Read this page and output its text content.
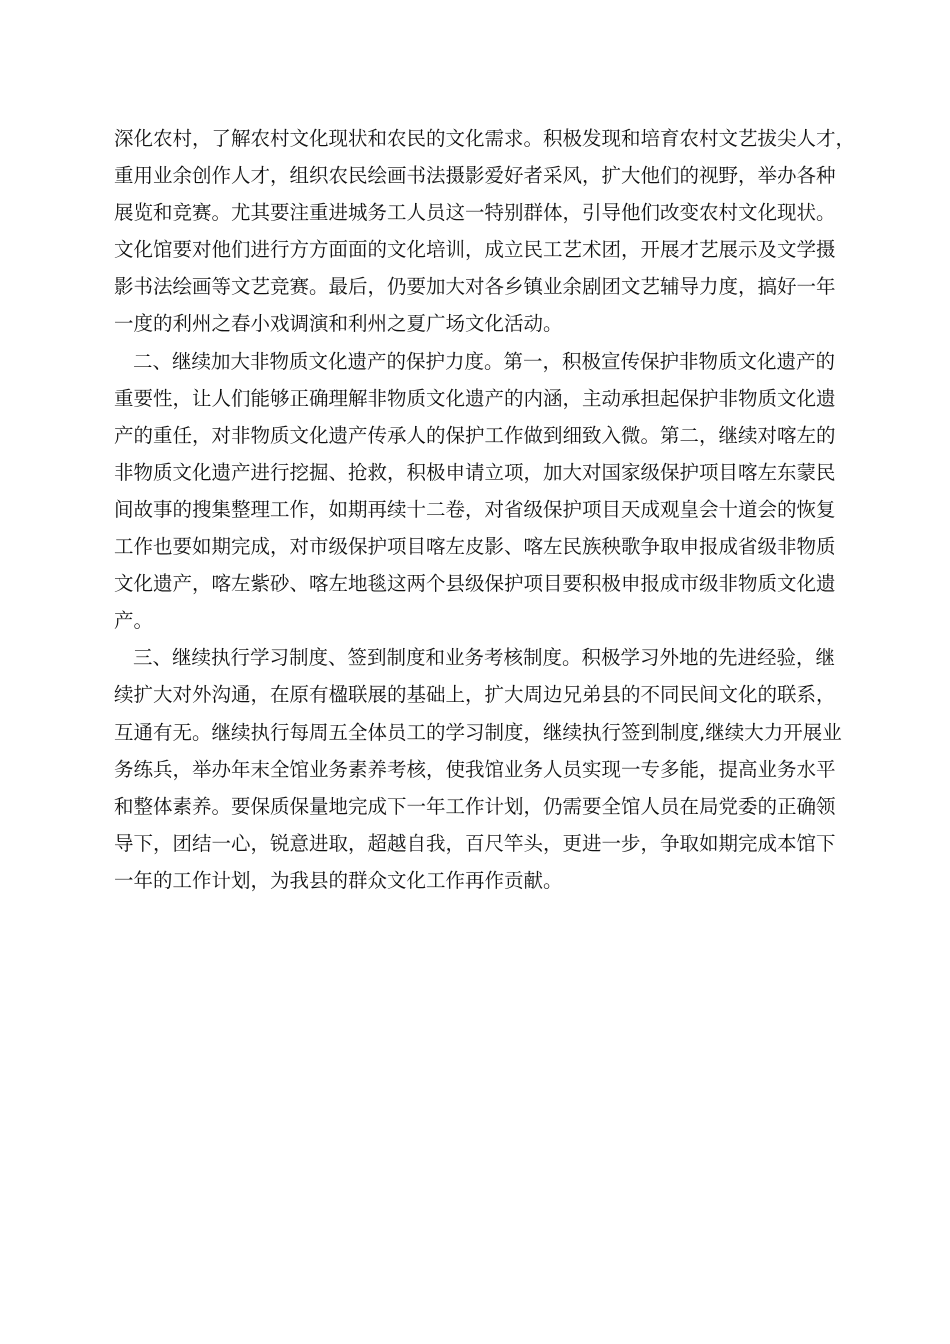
深化农村，了解农村文化现状和农民的文化需求。积极发现和培育农村文艺拔尖人才，
重用业余创作人才，组织农民绘画书法摄影爱好者采风，扩大他们的视野，举办各种
展览和竞赛。尤其要注重进城务工人员这一特别群体，引导他们改变农村文化现状。
文化馆要对他们进行方方面面的文化培训，成立民工艺术团，开展才艺展示及文学摄
影书法绘画等文艺竞赛。最后，仍要加大对各乡镇业余剧团文艺辅导力度，搞好一年
一度的利州之春小戏调演和利州之夏广场文化活动。
二、继续加大非物质文化遗产的保护力度。第一，积极宣传保护非物质文化遗产的
重要性，让人们能够正确理解非物质文化遗产的内涵，主动承担起保护非物质文化遗
产的重任，对非物质文化遗产传承人的保护工作做到细致入微。第二，继续对喀左的
非物质文化遗产进行挖掘、抢救，积极申请立项，加大对国家级保护项目喀左东蒙民
间故事的搜集整理工作，如期再续十二卷，对省级保护项目天成观皇会十道会的恢复
工作也要如期完成，对市级保护项目喀左皮影、喀左民族秧歌争取申报成省级非物质
文化遗产，喀左紫砂、喀左地毯这两个县级保护项目要积极申报成市级非物质文化遗
产。
三、继续执行学习制度、签到制度和业务考核制度。积极学习外地的先进经验，继
续扩大对外沟通，在原有楹联展的基础上，扩大周边兄弟县的不同民间文化的联系，
互通有无。继续执行每周五全体员工的学习制度，继续执行签到制度,继续大力开展业
务练兵，举办年末全馆业务素养考核，使我馆业务人员实现一专多能，提高业务水平
和整体素养。要保质保量地完成下一年工作计划，仍需要全馆人员在局党委的正确领
导下，团结一心，锐意进取，超越自我，百尺竿头，更进一步，争取如期完成本馆下
一年的工作计划，为我县的群众文化工作再作贡献。
